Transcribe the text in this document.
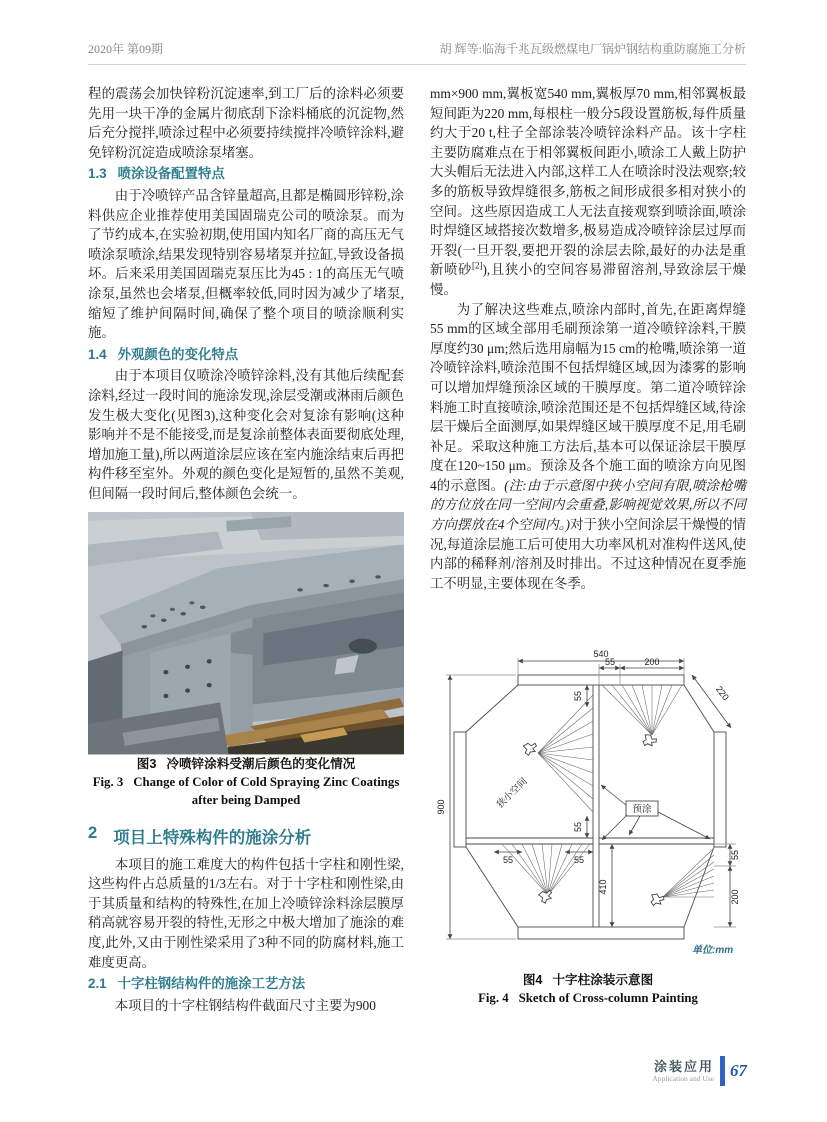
2020年 第09期	胡 辉等:临海千兆瓦级燃煤电厂锅炉钢结构重防腐施工分析

程的震荡会加快锌粉沉淀速率,到工厂后的涂料必须要先用一块干净的金属片彻底刮下涂料桶底的沉淀物,然后充分搅拌,喷涂过程中必须要持续搅拌冷喷锌涂料,避免锌粉沉淀造成喷涂泵堵塞。

1.3 喷涂设备配置特点

由于冷喷锌产品含锌量超高,且都是椭圆形锌粉,涂料供应企业推荐使用美国固瑞克公司的喷涂泵。而为了节约成本,在实验初期,使用国内知名厂商的高压无气喷涂泵喷涂,结果发现特别容易堵泵并拉缸,导致设备损坏。后来采用美国固瑞克泵压比为45 : 1的高压无气喷涂泵,虽然也会堵泵,但概率较低,同时因为减少了堵泵,缩短了维护间隔时间,确保了整个项目的喷涂顺利实施。

1.4 外观颜色的变化特点

由于本项目仅喷涂冷喷锌涂料,没有其他后续配套涂料,经过一段时间的施涂发现,涂层受潮或淋雨后颜色发生极大变化(见图3),这种变化会对复涂有影响(这种影响并不是不能接受,而是复涂前整体表面要彻底处理,增加施工量),所以两道涂层应该在室内施涂结束后再把构件移至室外。外观的颜色变化是短暂的,虽然不美观,但间隔一段时间后,整体颜色会统一。

图3 冷喷锌涂料受潮后颜色的变化情况
Fig. 3 Change of Color of Cold Spraying Zinc Coatings after being Damped
2 项目上特殊构件的施涂分析

本项目的施工难度大的构件包括十字柱和刚性梁,这些构件占总质量的1/3左右。对于十字柱和刚性梁,由于其质量和结构的特殊性,在加上冷喷锌涂料涂层膜厚稍高就容易开裂的特性,无形之中极大增加了施涂的难度,此外,又由于刚性梁采用了3种不同的防腐材料,施工难度更高。

2.1 十字柱钢结构件的施涂工艺方法

本项目的十字柱钢结构件截面尺寸主要为900

mm×900 mm,翼板宽540 mm,翼板厚70 mm,相邻翼板最短间距为220 mm,每根柱一般分5段设置筋板,每件质量约大于20 t,柱子全部涂装冷喷锌涂料产品。该十字柱主要防腐难点在于相邻翼板间距小,喷涂工人戴上防护大头帽后无法进入内部,这样工人在喷涂时没法观察;较多的筋板导致焊缝很多,筋板之间形成很多相对狭小的空间。这些原因造成工人无法直接观察到喷涂面,喷涂时焊缝区域搭接次数增多,极易造成冷喷锌涂层过厚而开裂(一旦开裂,要把开裂的涂层去除,最好的办法是重新喷砂[2]),且狭小的空间容易滞留溶剂,导致涂层干燥慢。

为了解决这些难点,喷涂内部时,首先,在距离焊缝55 mm的区域全部用毛刷预涂第一道冷喷锌涂料,干膜厚度约30 μm;然后选用扇幅为15 cm的枪嘴,喷涂第一道冷喷锌涂料,喷涂范围不包括焊缝区域,因为漆雾的影响可以增加焊缝预涂区域的干膜厚度。第二道冷喷锌涂料施工时直接喷涂,喷涂范围还是不包括焊缝区域,待涂层干燥后全面测厚,如果焊缝区域干膜厚度不足,用毛刷补足。采取这种施工方法后,基本可以保证涂层干膜厚度在120~150 μm。预涂及各个施工面的喷涂方向见图4的示意图。(注:由于示意图中狭小空间有限,喷涂枪嘴的方位放在同一空间内会重叠,影响视觉效果,所以不同方向摆放在4个空间内。)对于狭小空间涂层干燥慢的情况,每道涂层施工后可使用大功率风机对准构件送风,使内部的稀释剂/溶剂及时排出。不过这种情况在夏季施工不明显,主要体现在冬季。

540
55	200
220
900
410
55
200
55
55
55	55
狭小空间	预涂
单位:mm
图4 十字柱涂装示意图
Fig. 4 Sketch of Cross-column Painting
涂装应用
Application and Use 67
